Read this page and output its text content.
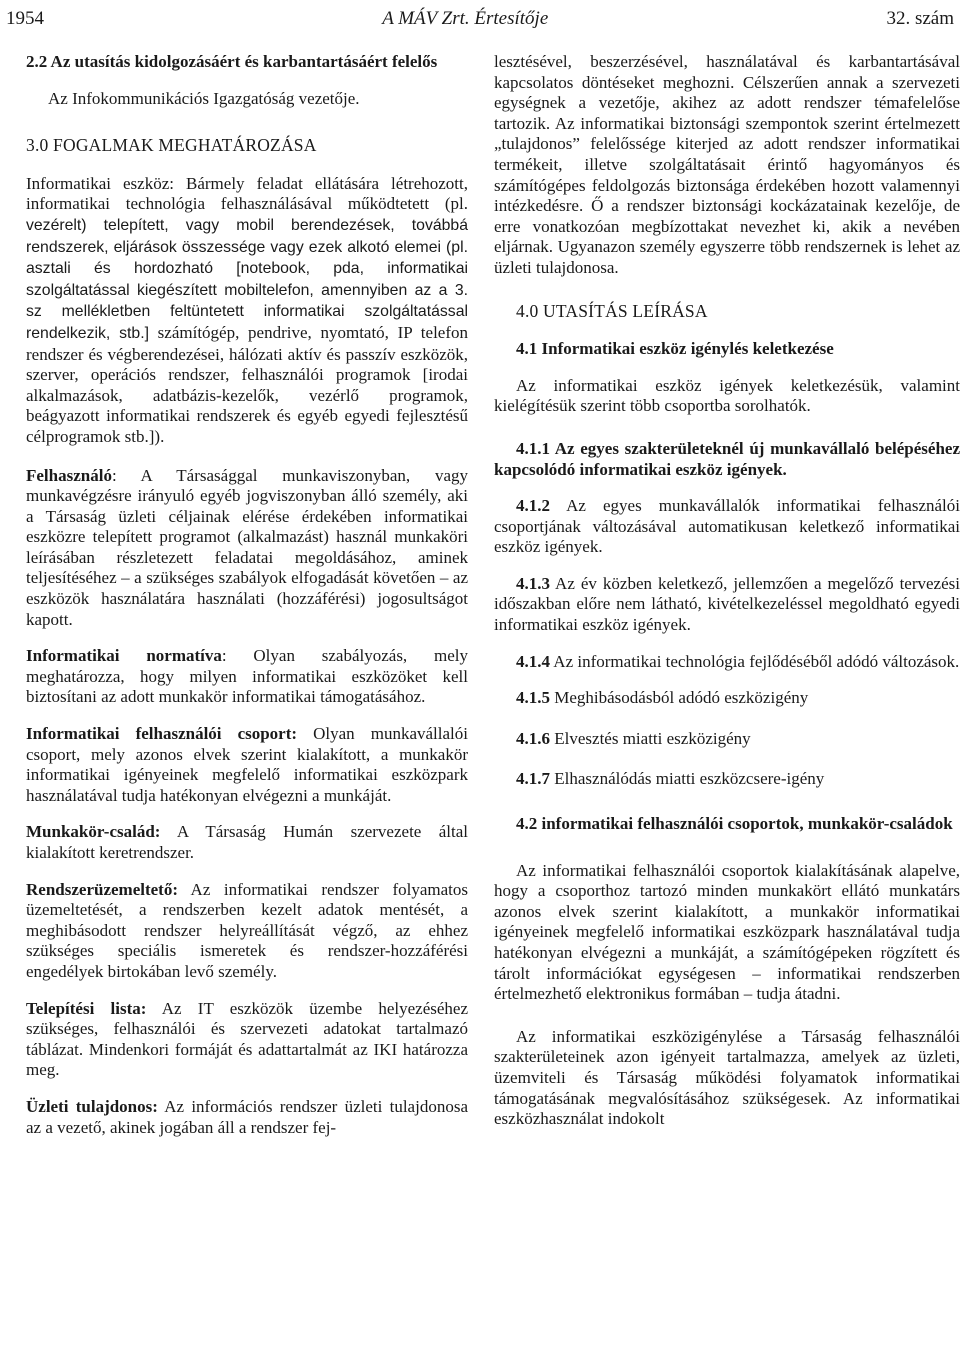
1954	A MÁV Zrt. Értesítője	32. szám
2.2 Az utasítás kidolgozásáért és karbantartásáért felelős

Az Infokommunikációs Igazgatóság vezetője.

3.0 FOGALMAK MEGHATÁROZÁSA

Informatikai eszköz: Bármely feladat ellátására létrehozott, informatikai technológia felhasználásával működtetett (pl. vezérelt) telepített, vagy mobil berendezések, továbbá rendszerek, eljárások összessége vagy ezek alkotó elemei (pl. asztali és hordozható [notebook, pda, informatikai szolgáltatással kiegészített mobiltelefon, amennyiben az a 3. sz mellékletben feltüntetett informatikai szolgáltatással rendelkezik, stb.] számítógép, pendrive, nyomtató, IP telefon rendszer és végberendezései, hálózati aktív és passzív eszközök, szerver, operációs rendszer, felhasználói programok [irodai alkalmazások, adatbázis-kezelők, vezérlő programok, beágyazott informatikai rendszerek és egyéb egyedi fejlesztésű célprogramok stb.]).

Felhasználó: A Társasággal munkaviszonyban, vagy munkavégzésre irányuló egyéb jogviszonyban álló személy, aki a Társaság üzleti céljainak elérése érdekében informatikai eszközre telepített programot (alkalmazást) használ munkaköri leírásában részletezett feladatai megoldásához, aminek teljesítéséhez – a szükséges szabályok elfogadását követően – az eszközök használatára használati (hozzáférési) jogosultságot kapott.

Informatikai normatíva: Olyan szabályozás, mely meghatározza, hogy milyen informatikai eszközöket kell biztosítani az adott munkakör informatikai támogatásához.

Informatikai felhasználói csoport: Olyan munkavállalói csoport, mely azonos elvek szerint kialakított, a munkakör informatikai igényeinek megfelelő informatikai eszközpark használatával tudja hatékonyan elvégezni a munkáját.

Munkakör-család: A Társaság Humán szervezete által kialakított keretrendszer.

Rendszerüzemeltető: Az informatikai rendszer folyamatos üzemeltetését, a rendszerben kezelt adatok mentését, a meghibásodott rendszer helyreállítását végző, az ehhez szükséges speciális ismeretek és rendszer-hozzáférési engedélyek birtokában levő személy.

Telepítési lista: Az IT eszközök üzembe helyezéséhez szükséges, felhasználói és szervezeti adatokat tartalmazó táblázat. Mindenkori formáját és adattartalmát az IKI határozza meg.

Üzleti tulajdonos: Az információs rendszer üzleti tulajdonosa az a vezető, akinek jogában áll a rendszer fej-

lesztésével, beszerzésével, használatával és karbantartásával kapcsolatos döntéseket meghozni. Célszerűen annak a szervezeti egységnek a vezetője, akihez az adott rendszer témafelelőse tartozik. Az informatikai biztonsági szempontok szerint értelmezett „tulajdonos” felelőssége kiterjed az adott rendszer informatikai termékeit, illetve szolgáltatásait érintő hagyományos és számítógépes feldolgozás biztonsága érdekében hozott valamennyi intézkedésre. Ő a rendszer biztonsági kockázatainak kezelője, de erre vonatkozóan megbízottakat nevezhet ki, akik a nevében eljárnak. Ugyanazon személy egyszerre több rendszernek is lehet az üzleti tulajdonosa.

4.0 UTASÍTÁS LEÍRÁSA
4.1 Informatikai eszköz igénylés keletkezése

Az informatikai eszköz igények keletkezésük, valamint kielégítésük szerint több csoportba sorolhatók.

4.1.1 Az egyes szakterületeknél új munkavállaló belépéséhez kapcsolódó informatikai eszköz igények.

4.1.2 Az egyes munkavállalók informatikai felhasználói csoportjának változásával automatikusan keletkező informatikai eszköz igények.

4.1.3 Az év közben keletkező, jellemzően a megelőző tervezési időszakban előre nem látható, kivételkezeléssel megoldható egyedi informatikai eszköz igények.

4.1.4 Az informatikai technológia fejlődéséből adódó változások.

4.1.5 Meghibásodásból adódó eszközigény

4.1.6 Elvesztés miatti eszközigény

4.1.7 Elhasználódás miatti eszközcsere-igény

4.2 informatikai felhasználói csoportok, munkakör-családok

Az informatikai felhasználói csoportok kialakításának alapelve, hogy a csoporthoz tartozó minden munkakört ellátó munkatárs azonos elvek szerint kialakított, a munkakör informatikai igényeinek megfelelő informatikai eszközpark használatával tudja hatékonyan elvégezni a munkáját, a számítógépeken rögzített és tárolt információkat egységesen – informatikai rendszerben értelmezhető elektronikus formában – tudja átadni.

Az informatikai eszközigénylése a Társaság felhasználói szakterületeinek azon igényeit tartalmazza, amelyek az üzleti, üzemviteli és Társaság működési folyamatok informatikai támogatásának megvalósításához szükségesek. Az informatikai eszközhasználat indokolt
